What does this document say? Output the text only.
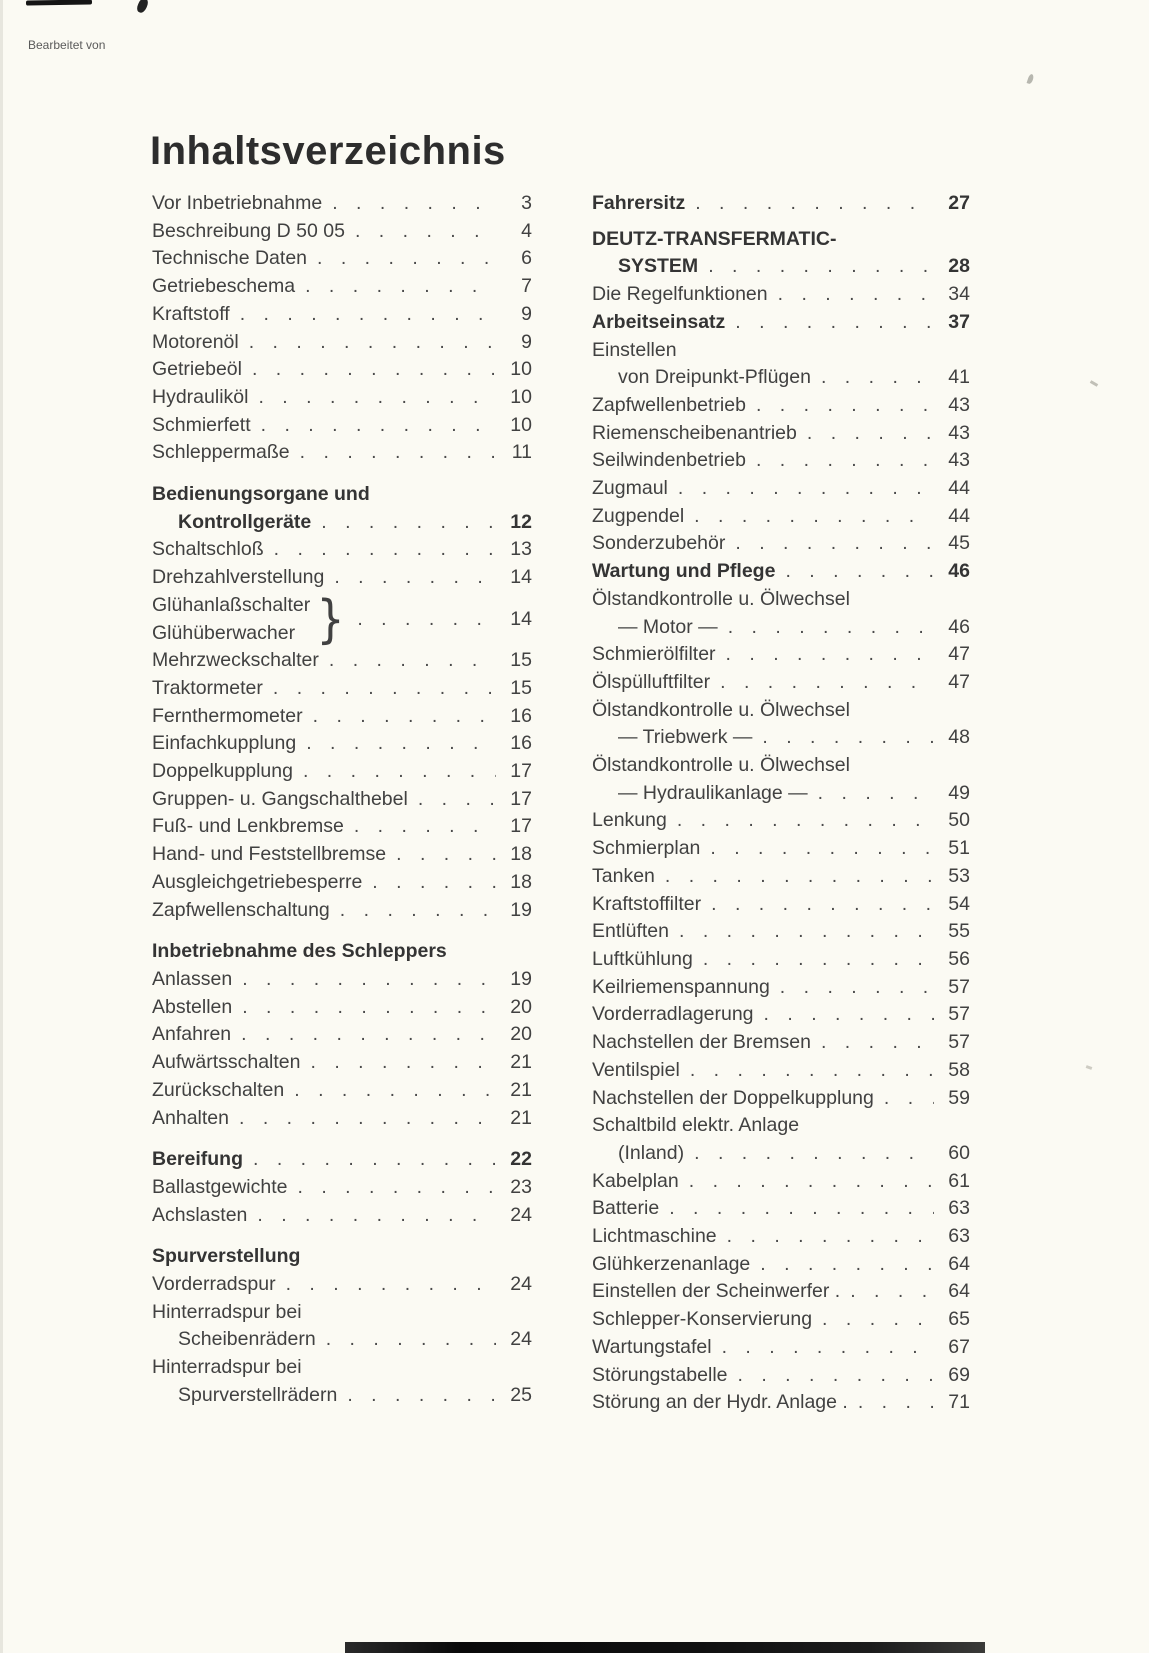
Bearbeitet von
Inhaltsverzeichnis
Vor Inbetriebnahme . . .	3
Beschreibung D 50 05 . . .	4
Technische Daten . . .	6
Getriebeschema . . .	7
Kraftstoff . . .	9
Motorenöl . . .	9
Getriebeöl . . .	10
Hydrauliköl . . .	10
Schmierfett . . .	10
Schleppermaße . . .	11
Bedienungsorgane und
Kontrollgeräte . . .	12
Schaltschloß . . .	13
Drehzahlverstellung . . .	14
Glühanlaßschalter
Glühüberwacher } . . .	14
Mehrzweckschalter . . .	15
Traktormeter . . .	15
Fernthermometer . . .	16
Einfachkupplung . . .	16
Doppelkupplung . . .	17
Gruppen- u. Gangschalthebel . . .	17
Fuß- und Lenkbremse . . .	17
Hand- und Feststellbremse . . .	18
Ausgleichgetriebesperre . . .	18
Zapfwellenschaltung . . .	19
Inbetriebnahme des Schleppers
Anlassen . . .	19
Abstellen . . .	20
Anfahren . . .	20
Aufwärtsschalten . . .	21
Zurückschalten . . .	21
Anhalten . . .	21
Bereifung . . .	22
Ballastgewichte . . .	23
Achslasten . . .	24
Spurverstellung
Vorderradspur . . .	24
Hinterradspur bei
Scheibenrädern . . .	24
Hinterradspur bei
Spurverstellrädern . . .	25
Fahrersitz . . .	27
DEUTZ-TRANSFERMATIC-
SYSTEM . . .	28
Die Regelfunktionen . . .	34
Arbeitseinsatz . . .	37
Einstellen
von Dreipunkt-Pflügen . . .	41
Zapfwellenbetrieb . . .	43
Riemenscheibenantrieb . . .	43
Seilwindenbetrieb . . .	43
Zugmaul . . .	44
Zugpendel . . .	44
Sonderzubehör . . .	45
Wartung und Pflege . . .	46
Ölstandkontrolle u. Ölwechsel
— Motor — . . .	46
Schmierölfilter . . .	47
Ölspülluftfilter . . .	47
Ölstandkontrolle u. Ölwechsel
— Triebwerk — . . .	48
Ölstandkontrolle u. Ölwechsel
— Hydraulikanlage — . . .	49
Lenkung . . .	50
Schmierplan . . .	51
Tanken . . .	53
Kraftstoffilter . . .	54
Entlüften . . .	55
Luftkühlung . . .	56
Keilriemenspannung . . .	57
Vorderradlagerung . . .	57
Nachstellen der Bremsen . . .	57
Ventilspiel . . .	58
Nachstellen der Doppelkupplung . . .	59
Schaltbild elektr. Anlage
(Inland) . . .	60
Kabelplan . . .	61
Batterie . . .	63
Lichtmaschine . . .	63
Glühkerzenanlage . . .	64
Einstellen der Scheinwerfer . . . .	64
Schlepper-Konservierung . . .	65
Wartungstafel . . .	67
Störungstabelle . . .	69
Störung an der Hydr. Anlage . . . .	71
